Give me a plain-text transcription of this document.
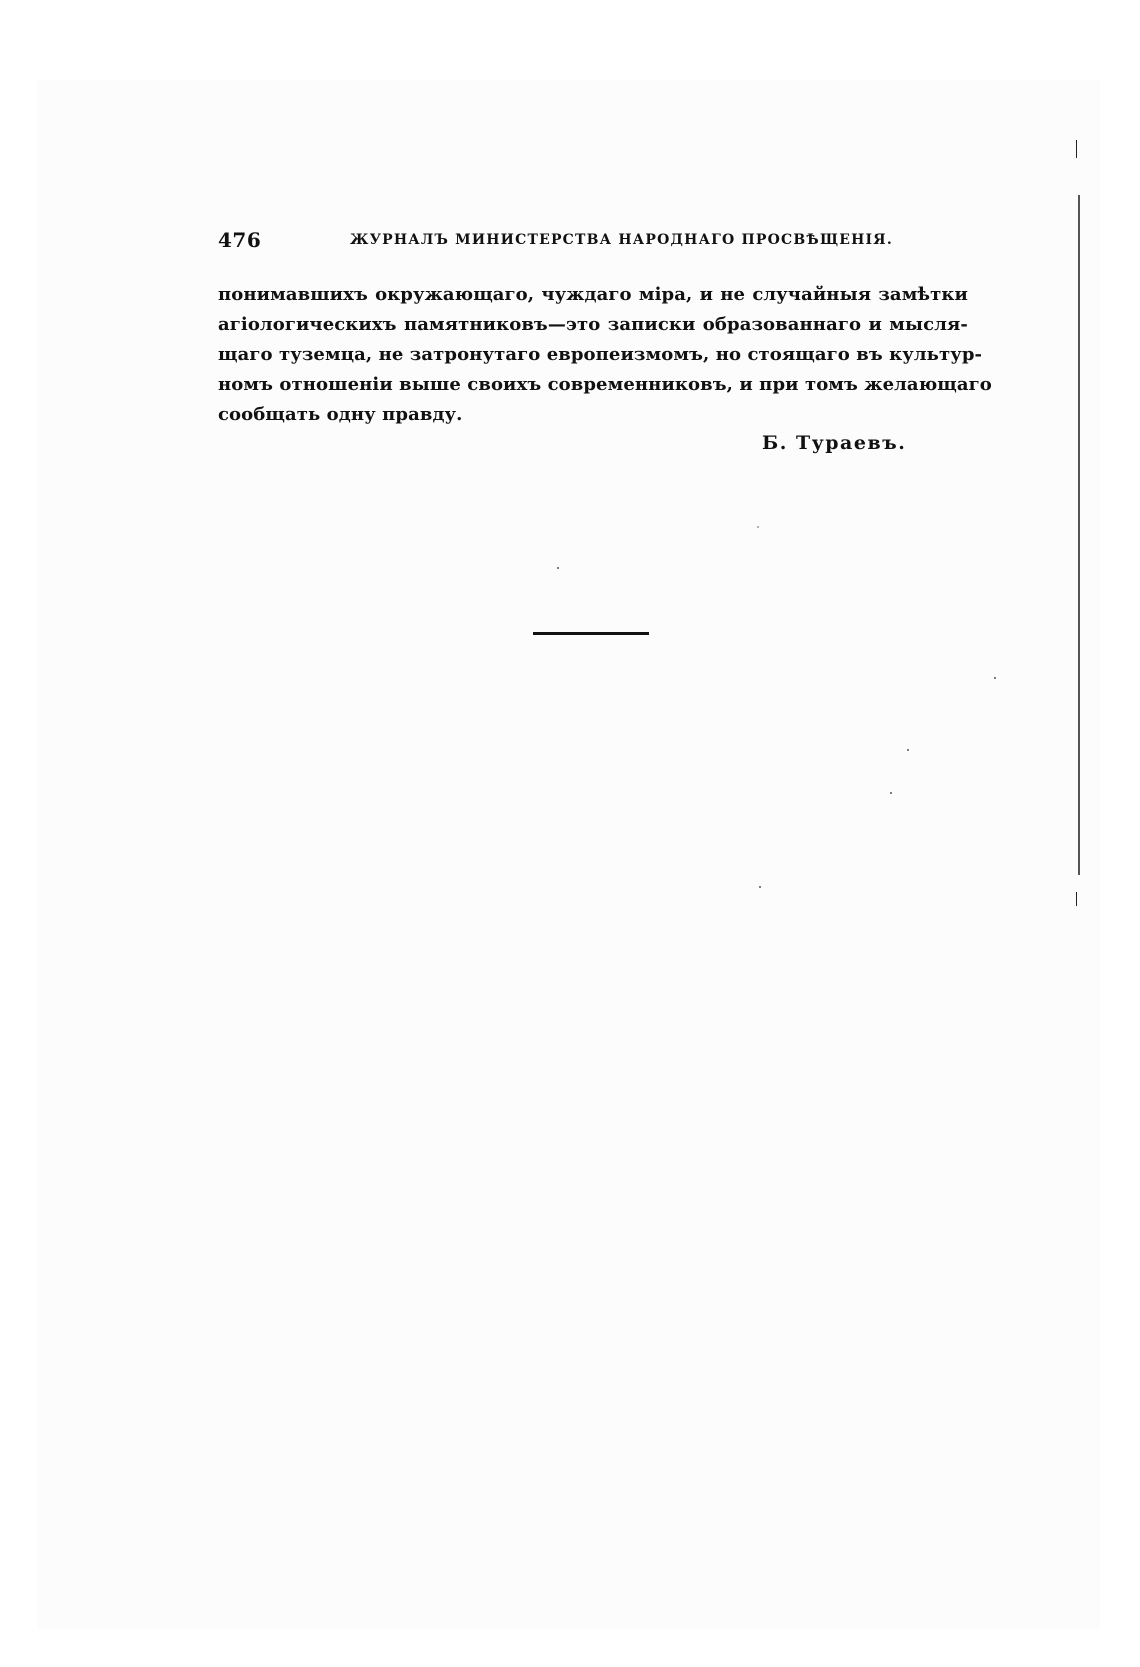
476	ЖУРНАЛЪ МИНИСТЕРСТВА НАРОДНАГО ПРОСВѢЩЕНІЯ.
понимавшихъ окружающаго, чуждаго міра, и не случайныя замѣтки
агіологическихъ памятниковъ—это записки образованнаго и мысля-
щаго туземца, не затронутаго европеизмомъ, но стоящаго въ культур-
номъ отношеніи выше своихъ современниковъ, и при томъ желающаго
сообщать одну правду.
Б. Тураевъ.
